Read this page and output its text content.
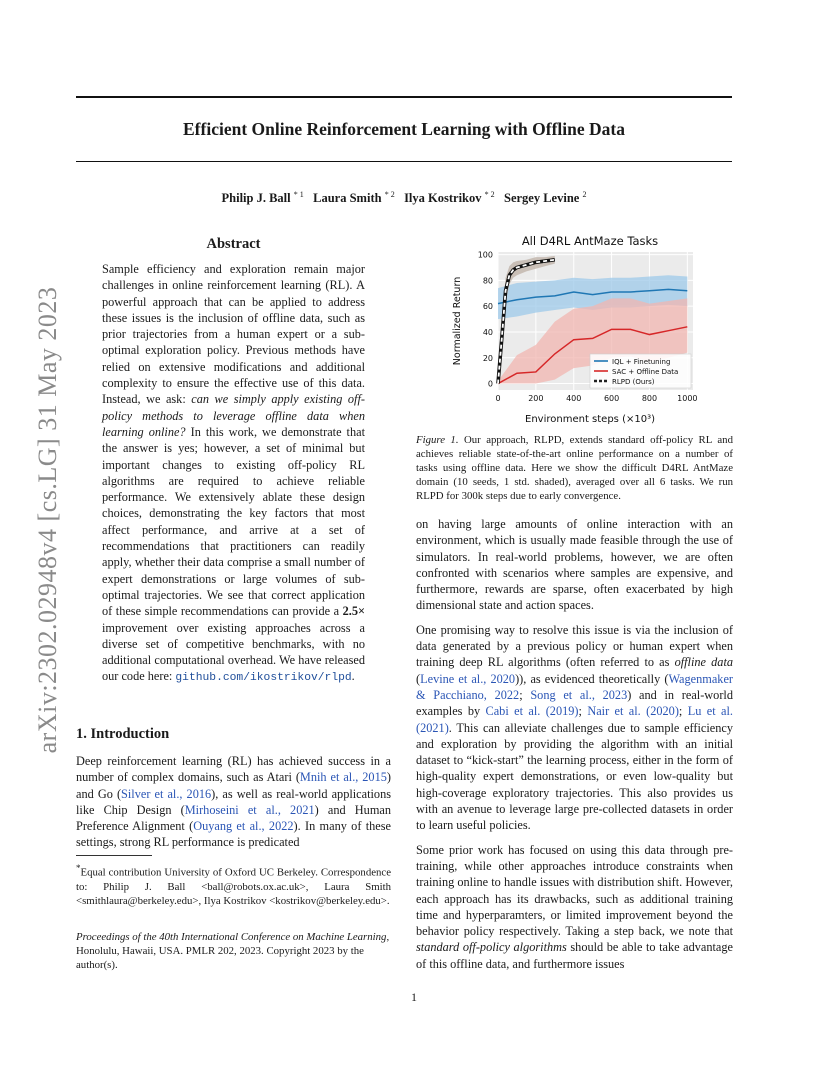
Efficient Online Reinforcement Learning with Offline Data
Philip J. Ball $^{* 1}$ Laura Smith $^{* 2}$ Ilya Kostrikov $^{* 2}$ Sergey Levine $^2$
arXiv:2302.02948v4 [cs.LG] 31 May 2023
Abstract
Sample efficiency and exploration remain major challenges in online reinforcement learning (RL). A powerful approach that can be applied to address these issues is the inclusion of offline data, such as prior trajectories from a human expert or a sub-optimal exploration policy. Previous methods have relied on extensive modifications and additional complexity to ensure the effective use of this data. Instead, we ask: can we simply apply existing off-policy methods to leverage offline data when learning online? In this work, we demonstrate that the answer is yes; however, a set of minimal but important changes to existing off-policy RL algorithms are required to achieve reliable performance. We extensively ablate these design choices, demonstrating the key factors that most affect performance, and arrive at a set of recommendations that practitioners can readily apply, whether their data comprise a small number of expert demonstrations or large volumes of sub-optimal trajectories. We see that correct application of these simple recommendations can provide a 2.5× improvement over existing approaches across a diverse set of competitive benchmarks, with no additional computational overhead. We have released our code here: github.com/ikostrikov/rlpd.
1. Introduction
Deep reinforcement learning (RL) has achieved success in a number of complex domains, such as Atari (Mnih et al., 2015) and Go (Silver et al., 2016), as well as real-world applications like Chip Design (Mirhoseini et al., 2021) and Human Preference Alignment (Ouyang et al., 2022). In many of these settings, strong RL performance is predicated
*Equal contribution University of Oxford UC Berkeley. Correspondence to: Philip J. Ball <ball@robots.ox.ac.uk>, Laura Smith <smithlaura@berkeley.edu>, Ilya Kostrikov <kostrikov@berkeley.edu>.
Proceedings of the 40th International Conference on Machine Learning, Honolulu, Hawaii, USA. PMLR 202, 2023. Copyright 2023 by the author(s).
All D4RL AntMaze Tasks
0	200	400	600	800	1000
0
20
40
60
80
100
Environment steps (×10³)
Normalized Return	IQL + Finetuning
SAC + Offline Data
RLPD (Ours)
Figure 1. Our approach, RLPD, extends standard off-policy RL and achieves reliable state-of-the-art online performance on a number of tasks using offline data. Here we show the difficult D4RL AntMaze domain (10 seeds, 1 std. shaded), averaged over all 6 tasks. We run RLPD for 300k steps due to early convergence.

on having large amounts of online interaction with an environment, which is usually made feasible through the use of simulators. In real-world problems, however, we are often confronted with scenarios where samples are expensive, and furthermore, rewards are sparse, often exacerbated by high dimensional state and action spaces.

One promising way to resolve this issue is via the inclusion of data generated by a previous policy or human expert when training deep RL algorithms (often referred to as offline data (Levine et al., 2020)), as evidenced theoretically (Wagenmaker & Pacchiano, 2022; Song et al., 2023) and in real-world examples by Cabi et al. (2019); Nair et al. (2020); Lu et al. (2021). This can alleviate challenges due to sample efficiency and exploration by providing the algorithm with an initial dataset to “kick-start” the learning process, either in the form of high-quality expert demonstrations, or even low-quality but high-coverage exploratory trajectories. This also provides us with an avenue to leverage large pre-collected datasets in order to learn useful policies.

Some prior work has focused on using this data through pre-training, while other approaches introduce constraints when training online to handle issues with distribution shift. However, each approach has its drawbacks, such as additional training time and hyperparamters, or limited improvement beyond the behavior policy respectively. Taking a step back, we note that standard off-policy algorithms should be able to take advantage of this offline data, and furthermore issues

1
